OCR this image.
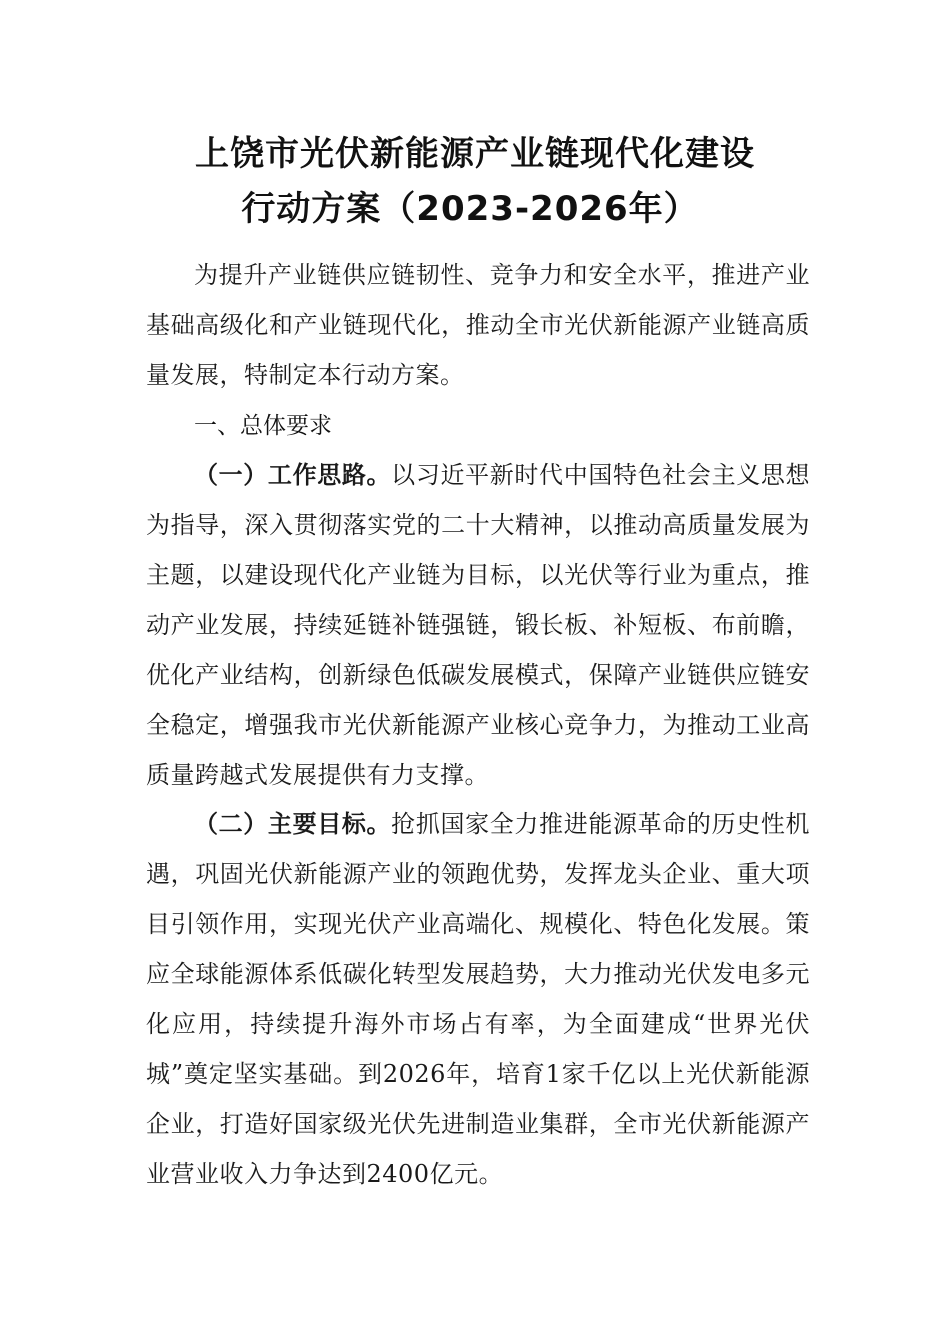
上饶市光伏新能源产业链现代化建设
行动方案（2023-2026年）

为提升产业链供应链韧性、竞争力和安全水平，推进产业基础高级化和产业链现代化，推动全市光伏新能源产业链高质量发展，特制定本行动方案。

一、总体要求

（一）工作思路。以习近平新时代中国特色社会主义思想为指导，深入贯彻落实党的二十大精神，以推动高质量发展为主题，以建设现代化产业链为目标，以光伏等行业为重点，推动产业发展，持续延链补链强链，锻长板、补短板、布前瞻，优化产业结构，创新绿色低碳发展模式，保障产业链供应链安全稳定，增强我市光伏新能源产业核心竞争力，为推动工业高质量跨越式发展提供有力支撑。

（二）主要目标。抢抓国家全力推进能源革命的历史性机遇，巩固光伏新能源产业的领跑优势，发挥龙头企业、重大项目引领作用，实现光伏产业高端化、规模化、特色化发展。策应全球能源体系低碳化转型发展趋势，大力推动光伏发电多元化应用，持续提升海外市场占有率，为全面建成“世界光伏城”奠定坚实基础。到2026年，培育1家千亿以上光伏新能源企业，打造好国家级光伏先进制造业集群，全市光伏新能源产业营业收入力争达到2400亿元。
